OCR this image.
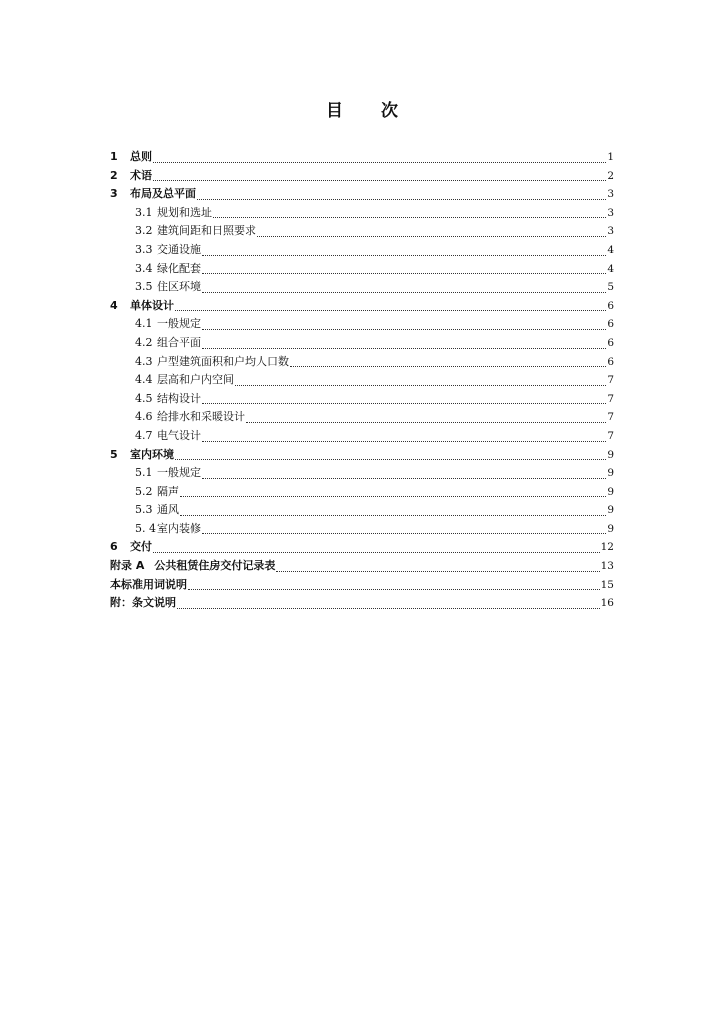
目 次
1	总则	1
2	术语	2
3	布局及总平面	3
3.1 规划和选址	3
3.2 建筑间距和日照要求	3
3.3 交通设施	4
3.4 绿化配套	4
3.5 住区环境	5
4	单体设计	6
4.1 一般规定	6
4.2 组合平面	6
4.3 户型建筑面积和户均人口数	6
4.4 层高和户内空间	7
4.5 结构设计	7
4.6 给排水和采暖设计	7
4.7 电气设计	7
5	室内环境	9
5.1 一般规定	9
5.2 隔声	9
5.3 通风	9
5. 4 室内装修	9
6	交付	12
附录 A 公共租赁住房交付记录表	13
本标准用词说明	15
附：条文说明	16
